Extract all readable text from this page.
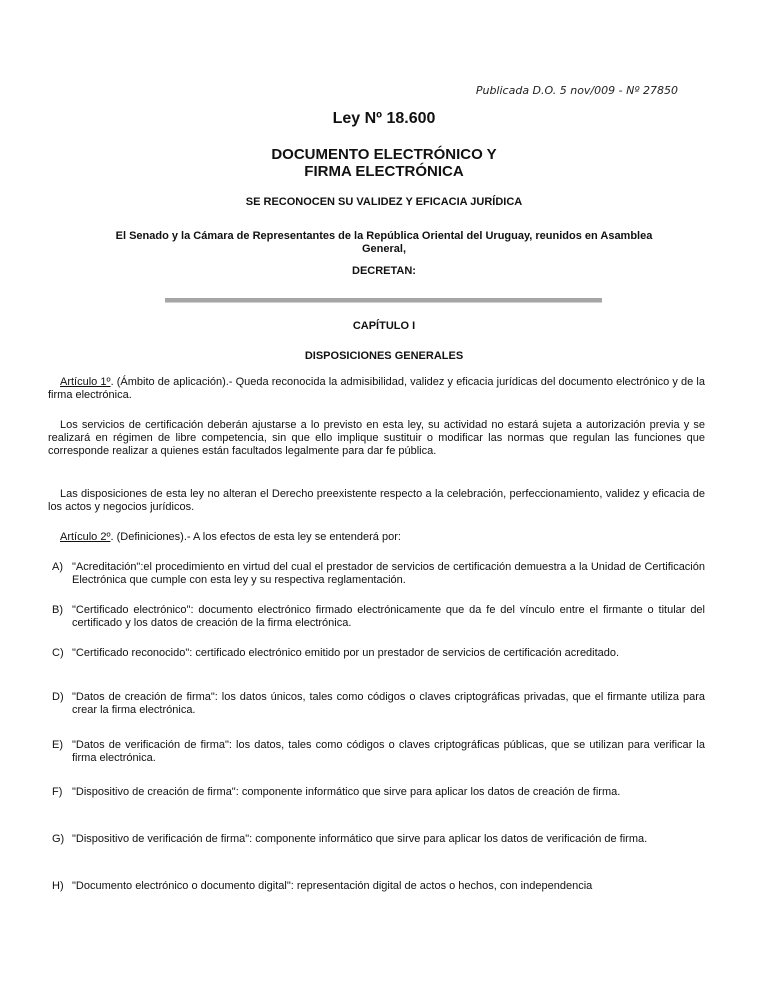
Publicada D.O. 5 nov/009 - Nº 27850
Ley Nº 18.600
DOCUMENTO ELECTRÓNICO Y
FIRMA ELECTRÓNICA
SE RECONOCEN SU VALIDEZ Y EFICACIA JURÍDICA
El Senado y la Cámara de Representantes de la República Oriental del Uruguay, reunidos en Asamblea General,
DECRETAN:
CAPÍTULO I
DISPOSICIONES GENERALES
Artículo 1º. (Ámbito de aplicación).- Queda reconocida la admisibilidad, validez y eficacia jurídicas del documento electrónico y de la firma electrónica.
Los servicios de certificación deberán ajustarse a lo previsto en esta ley, su actividad no estará sujeta a autorización previa y se realizará en régimen de libre competencia, sin que ello implique sustituir o modificar las normas que regulan las funciones que corresponde realizar a quienes están facultados legalmente para dar fe pública.
Las disposiciones de esta ley no alteran el Derecho preexistente respecto a la celebración, perfeccionamiento, validez y eficacia de los actos y negocios jurídicos.
Artículo 2º. (Definiciones).- A los efectos de esta ley se entenderá por:
A) "Acreditación":el procedimiento en virtud del cual el prestador de servicios de certificación demuestra a la Unidad de Certificación Electrónica que cumple con esta ley y su respectiva reglamentación.
B) "Certificado electrónico": documento electrónico firmado electrónicamente que da fe del vínculo entre el firmante o titular del certificado y los datos de creación de la firma electrónica.
C) "Certificado reconocido": certificado electrónico emitido por un prestador de servicios de certificación acreditado.
D) "Datos de creación de firma": los datos únicos, tales como códigos o claves criptográficas privadas, que el firmante utiliza para crear la firma electrónica.
E) "Datos de verificación de firma": los datos, tales como códigos o claves criptográficas públicas, que se utilizan para verificar la firma electrónica.
F) "Dispositivo de creación de firma": componente informático que sirve para aplicar los datos de creación de firma.
G) "Dispositivo de verificación de firma": componente informático que sirve para aplicar los datos de verificación de firma.
H) "Documento electrónico o documento digital": representación digital de actos o hechos, con independencia
